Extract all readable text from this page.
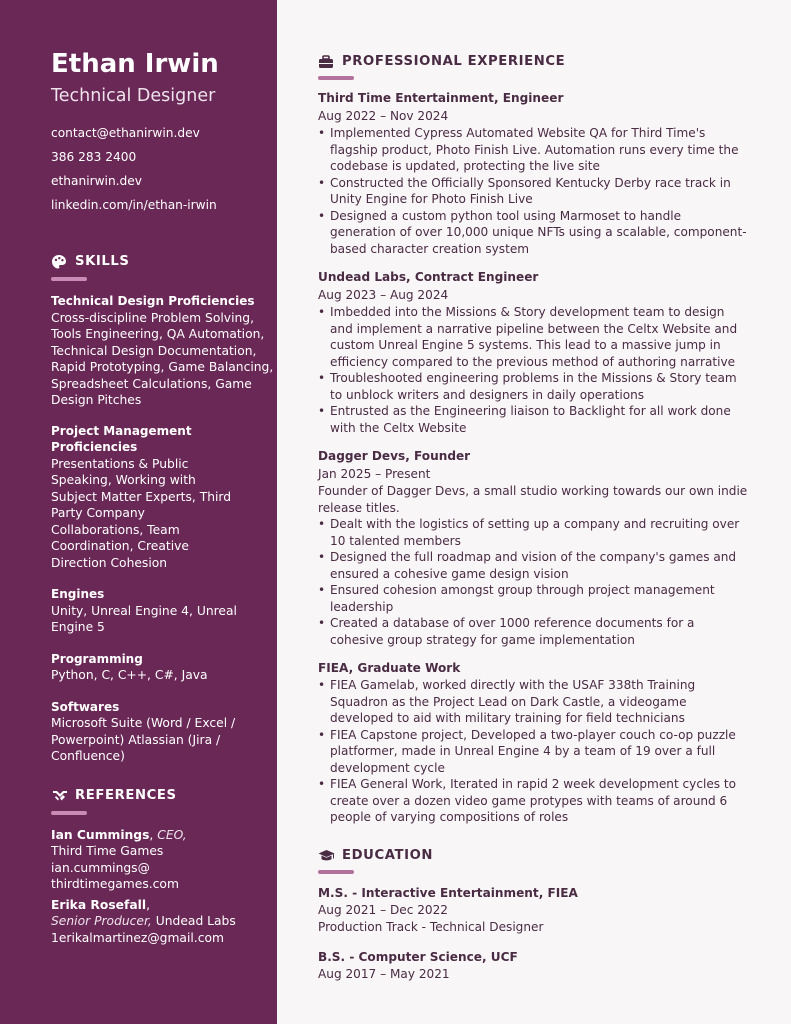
Ethan Irwin
Technical Designer
contact@ethanirwin.dev
386 283 2400
ethanirwin.dev
linkedin.com/in/ethan-irwin
SKILLS
Technical Design Proficiencies
Cross-discipline Problem Solving, Tools Engineering, QA Automation, Technical Design Documentation, Rapid Prototyping, Game Balancing, Spreadsheet Calculations, Game Design Pitches
Project Management Proficiencies
Presentations & Public Speaking, Working with Subject Matter Experts, Third Party Company Collaborations, Team Coordination, Creative Direction Cohesion
Engines
Unity, Unreal Engine 4, Unreal Engine 5
Programming
Python, C, C++, C#, Java
Softwares
Microsoft Suite (Word / Excel / Powerpoint) Atlassian (Jira / Confluence)
REFERENCES
Ian Cummings, CEO,
Third Time Games
ian.cummings@ thirdtimegames.com
Erika Rosefall,
Senior Producer, Undead Labs
1erikalmartinez@gmail.com
PROFESSIONAL EXPERIENCE
Third Time Entertainment, Engineer
Aug 2022 – Nov 2024
• Implemented Cypress Automated Website QA for Third Time's flagship product, Photo Finish Live. Automation runs every time the codebase is updated, protecting the live site
• Constructed the Officially Sponsored Kentucky Derby race track in Unity Engine for Photo Finish Live
• Designed a custom python tool using Marmoset to handle generation of over 10,000 unique NFTs using a scalable, component-based character creation system
Undead Labs, Contract Engineer
Aug 2023 – Aug 2024
• Imbedded into the Missions & Story development team to design and implement a narrative pipeline between the Celtx Website and custom Unreal Engine 5 systems. This lead to a massive jump in efficiency compared to the previous method of authoring narrative
• Troubleshooted engineering problems in the Missions & Story team to unblock writers and designers in daily operations
• Entrusted as the Engineering liaison to Backlight for all work done with the Celtx Website
Dagger Devs, Founder
Jan 2025 – Present
Founder of Dagger Devs, a small studio working towards our own indie release titles.
• Dealt with the logistics of setting up a company and recruiting over 10 talented members
• Designed the full roadmap and vision of the company's games and ensured a cohesive game design vision
• Ensured cohesion amongst group through project management leadership
• Created a database of over 1000 reference documents for a cohesive group strategy for game implementation
FIEA, Graduate Work
• FIEA Gamelab, worked directly with the USAF 338th Training Squadron as the Project Lead on Dark Castle, a videogame developed to aid with military training for field technicians
• FIEA Capstone project, Developed a two-player couch co-op puzzle platformer, made in Unreal Engine 4 by a team of 19 over a full development cycle
• FIEA General Work, Iterated in rapid 2 week development cycles to create over a dozen video game protypes with teams of around 6 people of varying compositions of roles
EDUCATION
M.S. - Interactive Entertainment, FIEA
Aug 2021 – Dec 2022
Production Track - Technical Designer
B.S. - Computer Science, UCF
Aug 2017 – May 2021
